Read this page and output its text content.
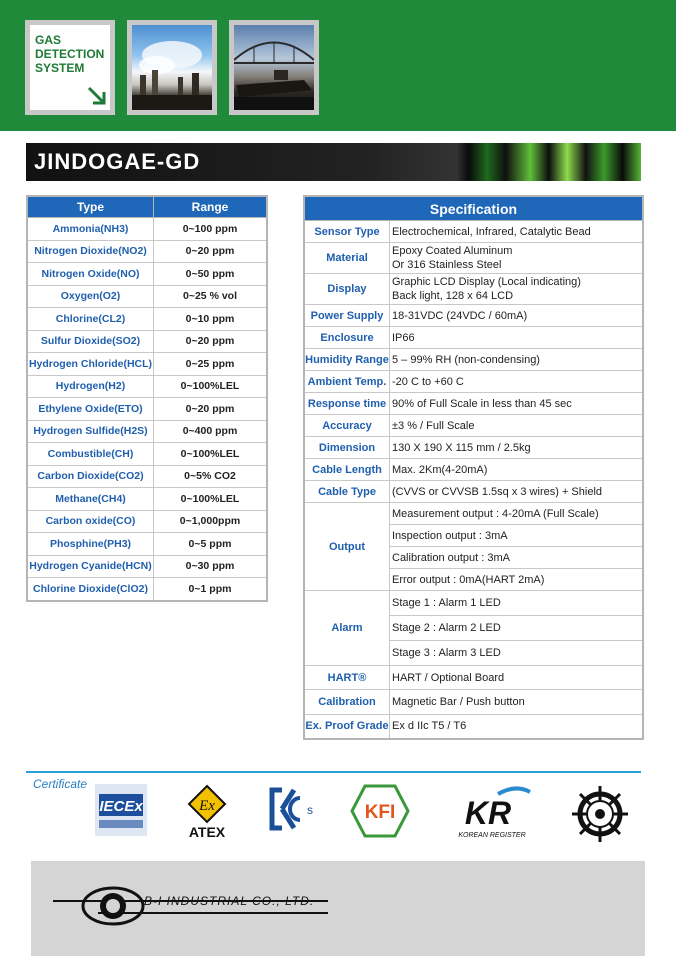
GAS
DETECTION
SYSTEM
JINDOGAE-GD
Type	Range
Ammonia(NH3)	0~100 ppm
Nitrogen Dioxide(NO2)	0~20 ppm
Nitrogen Oxide(NO)	0~50 ppm
Oxygen(O2)	0~25 % vol
Chlorine(CL2)	0~10 ppm
Sulfur Dioxide(SO2)	0~20 ppm
Hydrogen Chloride(HCL)	0~25 ppm
Hydrogen(H2)	0~100%LEL
Ethylene Oxide(ETO)	0~20 ppm
Hydrogen Sulfide(H2S)	0~400 ppm
Combustible(CH)	0~100%LEL
Carbon Dioxide(CO2)	0~5% CO2
Methane(CH4)	0~100%LEL
Carbon oxide(CO)	0~1,000ppm
Phosphine(PH3)	0~5 ppm
Hydrogen Cyanide(HCN)	0~30 ppm
Chlorine Dioxide(ClO2)	0~1 ppm
Specification	
Sensor Type	Electrochemical, Infrared, Catalytic Bead
Material	Epoxy Coated Aluminum
Or 316 Stainless Steel

Display	Graphic LCD Display (Local indicating)
Back light, 128 x 64 LCD

Power Supply	18-31VDC (24VDC / 60mA)
Enclosure	IP66
Humidity Range	5 – 99% RH (non-condensing)
Ambient Temp.	-20 C to +60 C
Response time	90% of Full Scale in less than 45 sec
Accuracy	±3 % / Full Scale
Dimension	130 X 190 X 115 mm / 2.5kg
Cable Length	Max. 2Km(4-20mA)
Cable Type	(CVVS or CVVSB 1.5sq x 3 wires) + Shield
Output	Measurement output : 4-20mA (Full Scale)
	Inspection output : 3mA
	Calibration output : 3mA
	Error output : 0mA(HART 2mA)
Alarm	Stage 1 : Alarm 1 LED
	Stage 2 : Alarm 2 LED
	Stage 3 : Alarm 3 LED
HART®	HART / Optional Board
Calibration	Magnetic Bar / Push button
Ex. Proof Grade	Ex d IIc T5 / T6
Certificate
IECEx	Ex
ATEX
s	KFI KR
KOREAN REGISTER
B-I INDUSTRIAL CO., LTD.
